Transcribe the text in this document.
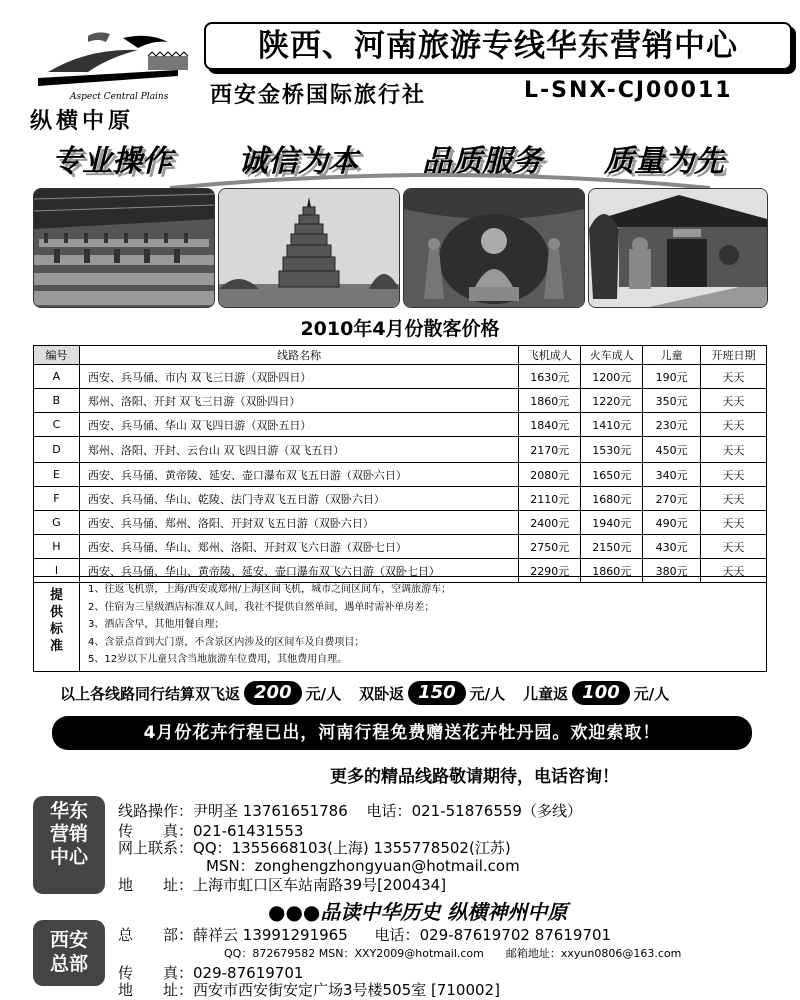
Aspect Central Plains
纵横中原
陕西、河南旅游专线华东营销中心
西安金桥国际旅行社	L-SNX-CJ00011
专业操作 诚信为本 品质服务 质量为先
2010年4月份散客价格
编号	线路名称	飞机成人	火车成人	儿童	开班日期
A	西安、兵马俑、市内 双飞三日游（双卧四日）	1630元	1200元	190元	天天
B	郑州、洛阳、开封 双飞三日游（双卧四日）	1860元	1220元	350元	天天
C	西安、兵马俑、华山 双飞四日游（双卧五日）	1840元	1410元	230元	天天
D	郑州、洛阳、开封、云台山 双飞四日游（双飞五日）	2170元	1530元	450元	天天
E	西安、兵马俑、黄帝陵、延安、壶口瀑布双飞五日游（双卧六日）	2080元	1650元	340元	天天
F	西安、兵马俑、华山、乾陵、法门寺双飞五日游（双卧六日）	2110元	1680元	270元	天天
G	西安、兵马俑、郑州、洛阳、开封双飞五日游（双卧六日）	2400元	1940元	490元	天天
H	西安、兵马俑、华山、郑州、洛阳、开封双飞六日游（双卧七日）	2750元	2150元	430元	天天
I	西安、兵马俑、华山、黄帝陵、延安、壶口瀑布双飞六日游（双卧七日）	2290元	1860元	380元	天天
提供标准
1、往返飞机票，上海/西安或郑州/上海区间飞机，城市之间区间车，空调旅游车；
2、住宿为三星级酒店标准双人间，我社不提供自然单间，遇单时需补单房差；
3、酒店含早，其他用餐自理；
4、含景点首到大门票，不含景区内涉及的区间车及自费项目；
5、12岁以下儿童只含当地旅游车位费用，其他费用自理。
以上各线路同行结算双飞返 200 元/人 双卧返 150 元/人 儿童返 100 元/人
4月份花卉行程已出，河南行程免费赠送花卉牡丹园。欢迎索取！
更多的精品线路敬请期待，电话咨询！
华东营销中心
线路操作：尹明圣 13761651786 电话：021-51876559（多线）
传　　真：021-61431553
网上联系：QQ：1355668103(上海) 1355778502(江苏)
MSN：zonghengzhongyuan@hotmail.com
地　　址：上海市虹口区车站南路39号[200434]
●●●品读中华历史 纵横神州中原
西安总部
总　　部：薛祥云 13991291965 电话：029-87619702 87619701
QQ：872679582 MSN：XXY2009@hotmail.com　　邮箱地址：xxyun0806@163.com
传　　真：029-87619701
地　　址：西安市西安街安定广场3号楼505室 [710002]
